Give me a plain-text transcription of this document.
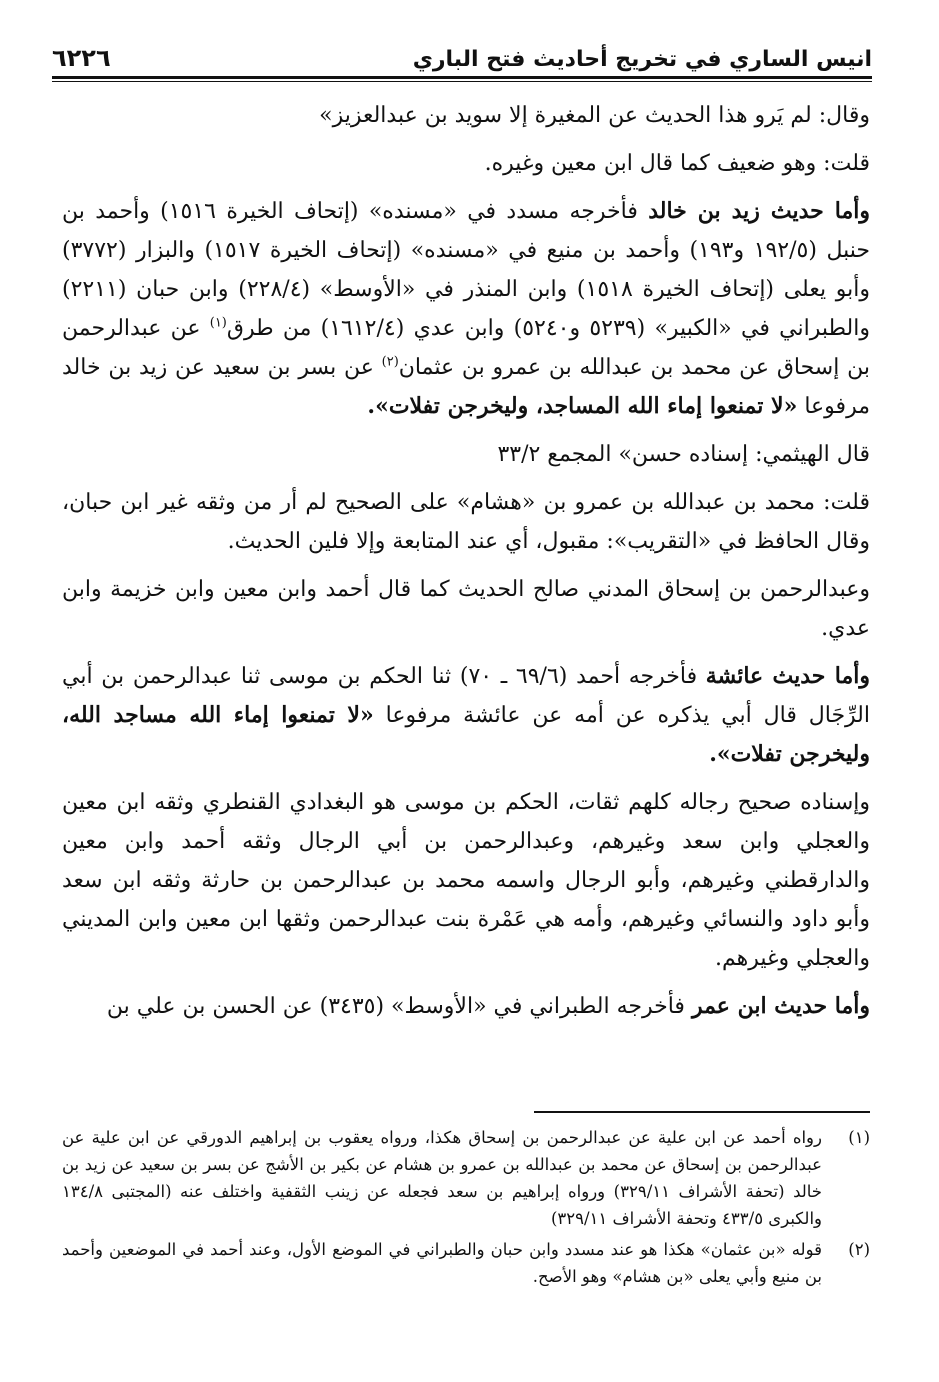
انيس الساري في تخريج أحاديث فتح الباري
٦٢٢٦

وقال: لم يَرو هذا الحديث عن المغيرة إلا سويد بن عبدالعزيز»

قلت: وهو ضعيف كما قال ابن معين وغيره.

وأما حديث زيد بن خالد فأخرجه مسدد في «مسنده» (إتحاف الخيرة ١٥١٦) وأحمد بن حنبل (١٩٢/٥ و١٩٣) وأحمد بن منيع في «مسنده» (إتحاف الخيرة ١٥١٧) والبزار (٣٧٧٢) وأبو يعلى (إتحاف الخيرة ١٥١٨) وابن المنذر في «الأوسط» (٢٢٨/٤) وابن حبان (٢٢١١) والطبراني في «الكبير» (٥٢٣٩ و٥٢٤٠) وابن عدي (١٦١٢/٤) من طرق$^{(١)}$ عن عبدالرحمن بن إسحاق عن محمد بن عبدالله بن عمرو بن عثمان$^{(٢)}$ عن بسر بن سعيد عن زيد بن خالد مرفوعا «لا تمنعوا إماء الله المساجد، وليخرجن تفلات».

قال الهيثمي: إسناده حسن» المجمع ٣٣/٢

قلت: محمد بن عبدالله بن عمرو بن «هشام» على الصحيح لم أر من وثقه غير ابن حبان، وقال الحافظ في «التقريب»: مقبول، أي عند المتابعة وإلا فلين الحديث.

وعبدالرحمن بن إسحاق المدني صالح الحديث كما قال أحمد وابن معين وابن خزيمة وابن عدي.

وأما حديث عائشة فأخرجه أحمد (٦٩/٦ ـ ٧٠) ثنا الحكم بن موسى ثنا عبدالرحمن بن أبي الرِّجَال قال أبي يذكره عن أمه عن عائشة مرفوعا «لا تمنعوا إماء الله مساجد الله، وليخرجن تفلات».

وإسناده صحيح رجاله كلهم ثقات، الحكم بن موسى هو البغدادي القنطري وثقه ابن معين والعجلي وابن سعد وغيرهم، وعبدالرحمن بن أبي الرجال وثقه أحمد وابن معين والدارقطني وغيرهم، وأبو الرجال واسمه محمد بن عبدالرحمن بن حارثة وثقه ابن سعد وأبو داود والنسائي وغيرهم، وأمه هي عَمْرة بنت عبدالرحمن وثقها ابن معين وابن المديني والعجلي وغيرهم.

وأما حديث ابن عمر فأخرجه الطبراني في «الأوسط» (٣٤٣٥) عن الحسن بن علي بن

(١)
رواه أحمد عن ابن علية عن عبدالرحمن بن إسحاق هكذا، ورواه يعقوب بن إبراهيم الدورقي عن ابن علية عن عبدالرحمن بن إسحاق عن محمد بن عبدالله بن عمرو بن هشام عن بكير بن الأشج عن بسر بن سعيد عن زيد بن خالد (تحفة الأشراف ٣٢٩/١١) ورواه إبراهيم بن سعد فجعله عن زينب الثقفية واختلف عنه (المجتبى ١٣٤/٨ والكبرى ٤٣٣/٥ وتحفة الأشراف ٣٢٩/١١)
(٢)
قوله «بن عثمان» هكذا هو عند مسدد وابن حبان والطبراني في الموضع الأول، وعند أحمد في الموضعين وأحمد بن منيع وأبي يعلى «بن هشام» وهو الأصح.
